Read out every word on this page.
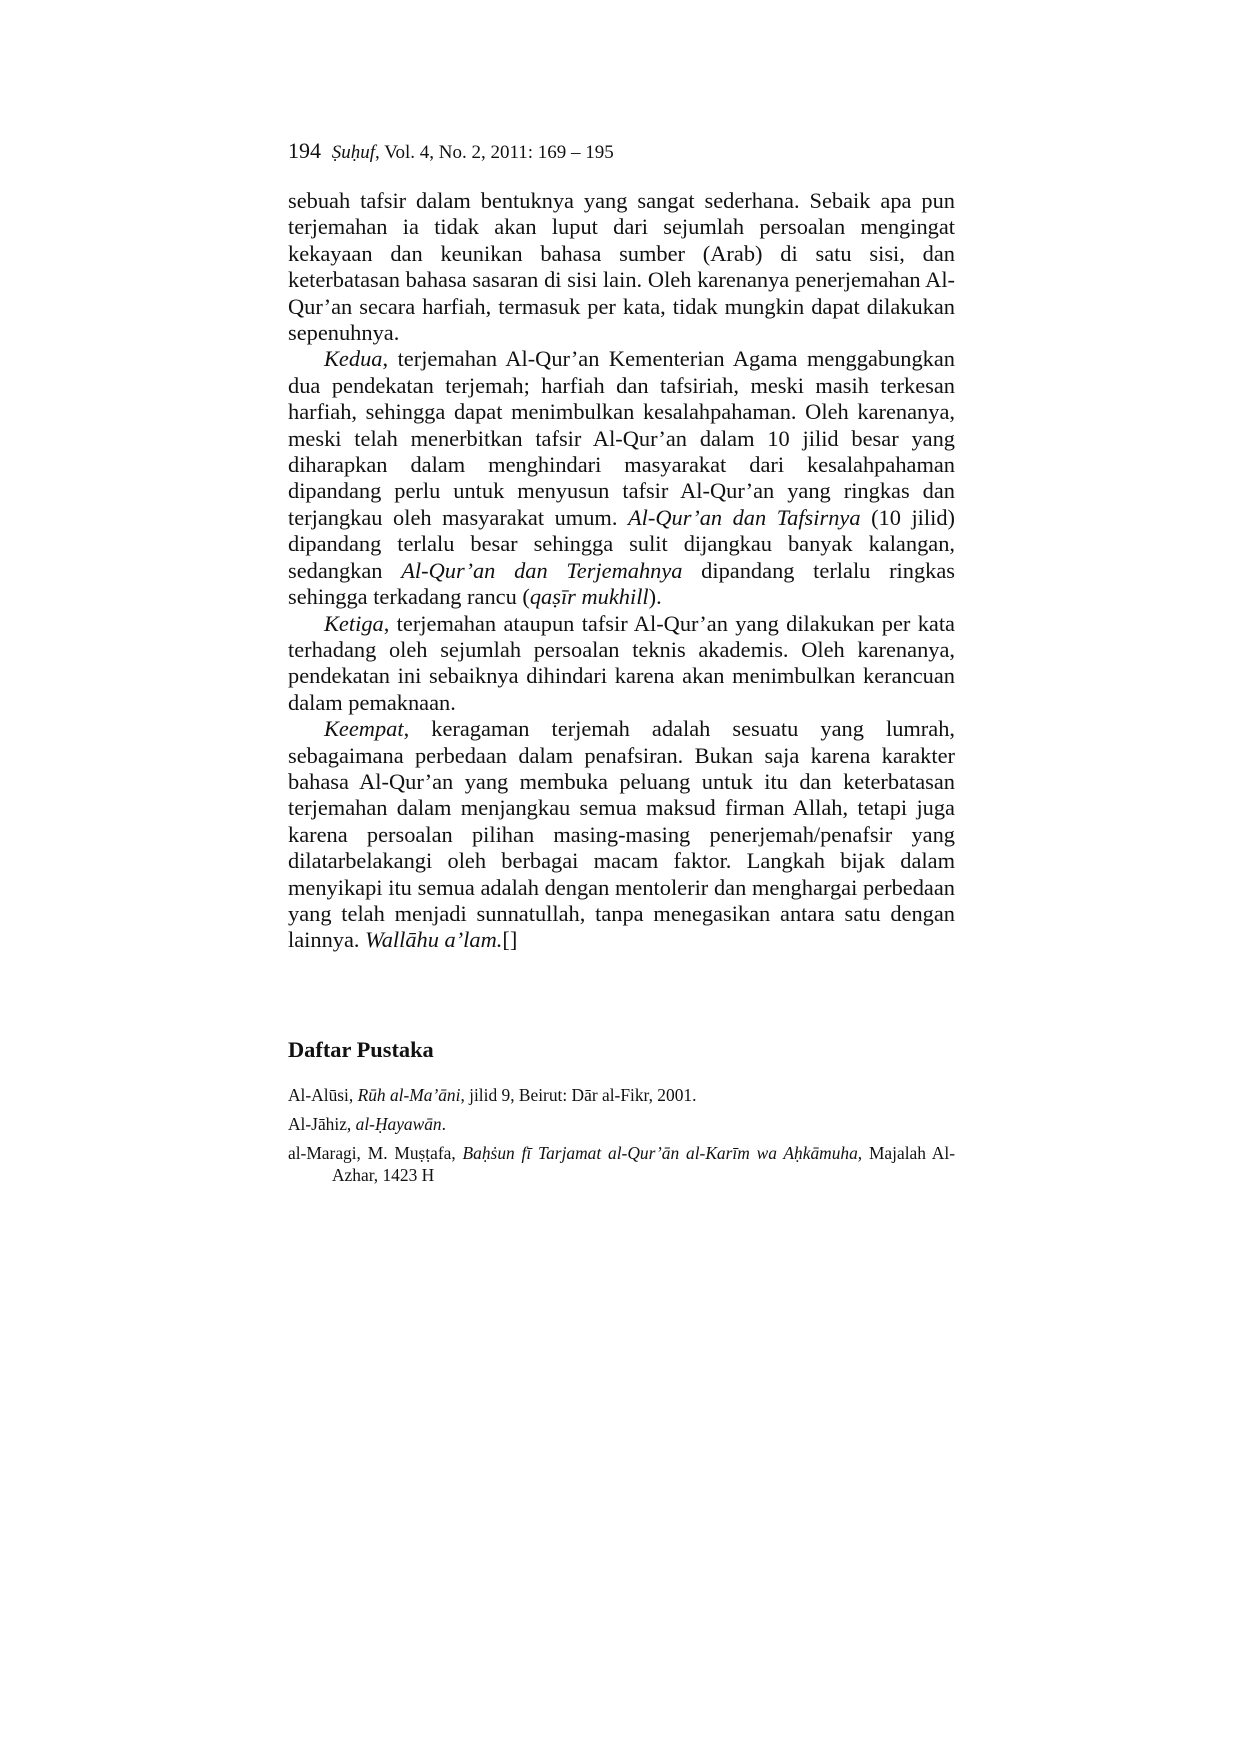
194 Ṣuḥuf, Vol. 4, No. 2, 2011: 169 – 195

sebuah tafsir dalam bentuknya yang sangat sederhana. Sebaik apa pun terjemahan ia tidak akan luput dari sejumlah persoalan mengingat kekayaan dan keunikan bahasa sumber (Arab) di satu sisi, dan keterbatasan bahasa sasaran di sisi lain. Oleh karenanya penerjemahan Al-Qur’an secara harfiah, termasuk per kata, tidak mungkin dapat dilakukan sepenuhnya.

Kedua, terjemahan Al-Qur’an Kementerian Agama menggabungkan dua pendekatan terjemah; harfiah dan tafsiriah, meski masih terkesan harfiah, sehingga dapat menimbulkan kesalahpahaman. Oleh karenanya, meski telah menerbitkan tafsir Al-Qur’an dalam 10 jilid besar yang diharapkan dalam menghindari masyarakat dari kesalahpahaman dipandang perlu untuk menyusun tafsir Al-Qur’an yang ringkas dan terjangkau oleh masyarakat umum. Al-Qur’an dan Tafsirnya (10 jilid) dipandang terlalu besar sehingga sulit dijangkau banyak kalangan, sedangkan Al-Qur’an dan Terjemahnya dipandang terlalu ringkas sehingga terkadang rancu (qaṣīr mukhill).

Ketiga, terjemahan ataupun tafsir Al-Qur’an yang dilakukan per kata terhadang oleh sejumlah persoalan teknis akademis. Oleh karenanya, pendekatan ini sebaiknya dihindari karena akan menimbulkan kerancuan dalam pemaknaan.

Keempat, keragaman terjemah adalah sesuatu yang lumrah, sebagaimana perbedaan dalam penafsiran. Bukan saja karena karakter bahasa Al-Qur’an yang membuka peluang untuk itu dan keterbatasan terjemahan dalam menjangkau semua maksud firman Allah, tetapi juga karena persoalan pilihan masing-masing penerjemah/penafsir yang dilatarbelakangi oleh berbagai macam faktor. Langkah bijak dalam menyikapi itu semua adalah dengan mentolerir dan menghargai perbedaan yang telah menjadi sunnatullah, tanpa menegasikan antara satu dengan lainnya. Wallāhu a’lam.[]

Daftar Pustaka
Al-Alūsi, Rūh al-Ma’āni, jilid 9, Beirut: Dār al-Fikr, 2001.
Al-Jāhiz, al-Ḥayawān.
al-Maragi, M. Muṣṭafa, Baḥṡun fī Tarjamat al-Qur’ān al-Karīm wa Aḥkāmuha, Majalah Al-Azhar, 1423 H
